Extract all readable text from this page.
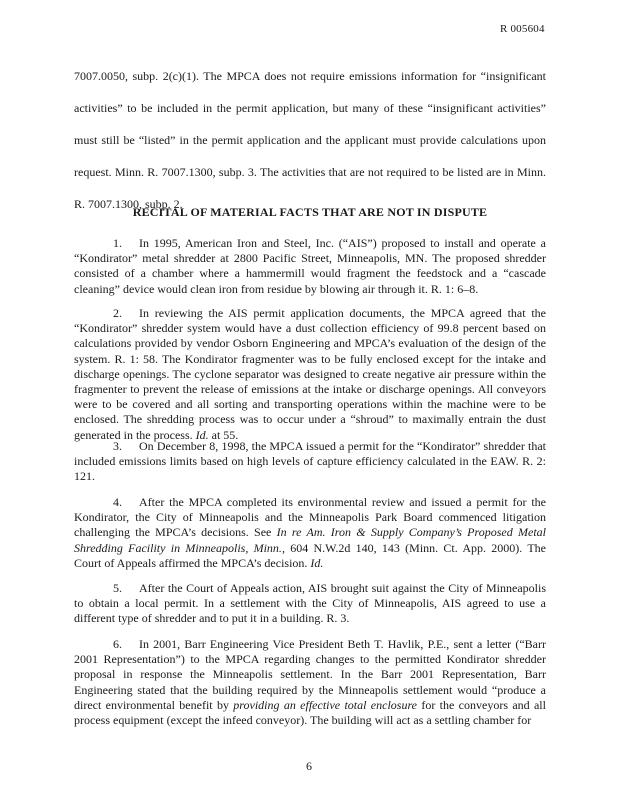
R 005604

7007.0050, subp. 2(c)(1). The MPCA does not require emissions information for “insignificant activities” to be included in the permit application, but many of these “insignificant activities” must still be “listed” in the permit application and the applicant must provide calculations upon request. Minn. R. 7007.1300, subp. 3. The activities that are not required to be listed are in Minn. R. 7007.1300, subp. 2.

RECITAL OF MATERIAL FACTS THAT ARE NOT IN DISPUTE

1. In 1995, American Iron and Steel, Inc. (“AIS”) proposed to install and operate a “Kondirator” metal shredder at 2800 Pacific Street, Minneapolis, MN. The proposed shredder consisted of a chamber where a hammermill would fragment the feedstock and a “cascade cleaning” device would clean iron from residue by blowing air through it. R. 1: 6–8.

2. In reviewing the AIS permit application documents, the MPCA agreed that the “Kondirator” shredder system would have a dust collection efficiency of 99.8 percent based on calculations provided by vendor Osborn Engineering and MPCA’s evaluation of the design of the system. R. 1: 58. The Kondirator fragmenter was to be fully enclosed except for the intake and discharge openings. The cyclone separator was designed to create negative air pressure within the fragmenter to prevent the release of emissions at the intake or discharge openings. All conveyors were to be covered and all sorting and transporting operations within the machine were to be enclosed. The shredding process was to occur under a “shroud” to maximally entrain the dust generated in the process. Id. at 55.

3. On December 8, 1998, the MPCA issued a permit for the “Kondirator” shredder that included emissions limits based on high levels of capture efficiency calculated in the EAW. R. 2: 121.

4. After the MPCA completed its environmental review and issued a permit for the Kondirator, the City of Minneapolis and the Minneapolis Park Board commenced litigation challenging the MPCA’s decisions. See In re Am. Iron & Supply Company’s Proposed Metal Shredding Facility in Minneapolis, Minn., 604 N.W.2d 140, 143 (Minn. Ct. App. 2000). The Court of Appeals affirmed the MPCA’s decision. Id.

5. After the Court of Appeals action, AIS brought suit against the City of Minneapolis to obtain a local permit. In a settlement with the City of Minneapolis, AIS agreed to use a different type of shredder and to put it in a building. R. 3.

6. In 2001, Barr Engineering Vice President Beth T. Havlik, P.E., sent a letter (“Barr 2001 Representation”) to the MPCA regarding changes to the permitted Kondirator shredder proposal in response the Minneapolis settlement. In the Barr 2001 Representation, Barr Engineering stated that the building required by the Minneapolis settlement would “produce a direct environmental benefit by providing an effective total enclosure for the conveyors and all process equipment (except the infeed conveyor). The building will act as a settling chamber for

6
